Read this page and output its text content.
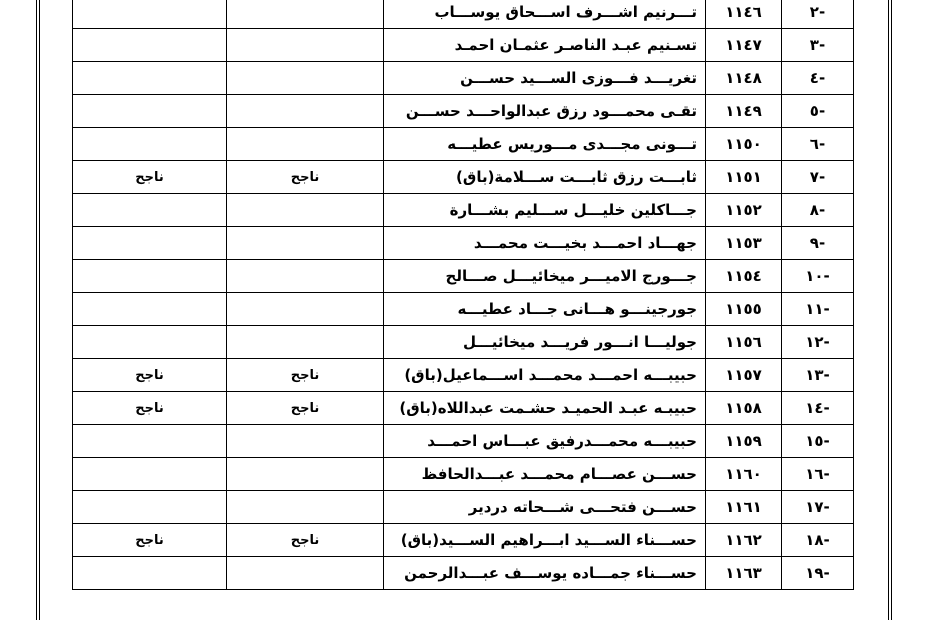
-٢	١١٤٦	تـــرنيم اشـــرف اســـحاق يوســـاب		
-٣	١١٤٧	تسـنيم عبـد الناصـر عثمـان احمـد		
-٤	١١٤٨	تغريـــد فـــوزى الســـيد حســـن		
-٥	١١٤٩	تقـى محمـــود رزق عبدالواحـــد حســـن		
-٦	١١٥٠	تـــونى مجـــدى مـــوريس عطيـــه		
-٧	١١٥١	ثابـــت رزق ثابـــت ســـلامة(باق)	ناجح	ناجح
-٨	١١٥٢	جـــاكلين خليـــل ســـليم بشـــارة		
-٩	١١٥٣	جهـــاد احمـــد بخيـــت محمـــد		
-١٠	١١٥٤	جـــورج الاميـــر ميخائيـــل صـــالح		
-١١	١١٥٥	جورجينـــو هـــانى جـــاد عطيـــه		
-١٢	١١٥٦	جوليـــا انـــور فريـــد ميخائيـــل		
-١٣	١١٥٧	حبيبـــه احمـــد محمـــد اســـماعيل(باق)	ناجح	ناجح
-١٤	١١٥٨	حبيبـه عبـد الحميـد حشـمت عبداللاه(باق)	ناجح	ناجح
-١٥	١١٥٩	حبيبـــه محمـــدرفيق عبـــاس احمـــد		
-١٦	١١٦٠	حســـن عصـــام محمـــد عبـــدالحافظ		
-١٧	١١٦١	حســـن فتحـــى شـــحاته دردير		
-١٨	١١٦٢	حســـناء الســـيد ابـــراهيم الســـيد(باق)	ناجح	ناجح
-١٩	١١٦٣	حســـناء جمـــاده يوســـف عبـــدالرحمن		
